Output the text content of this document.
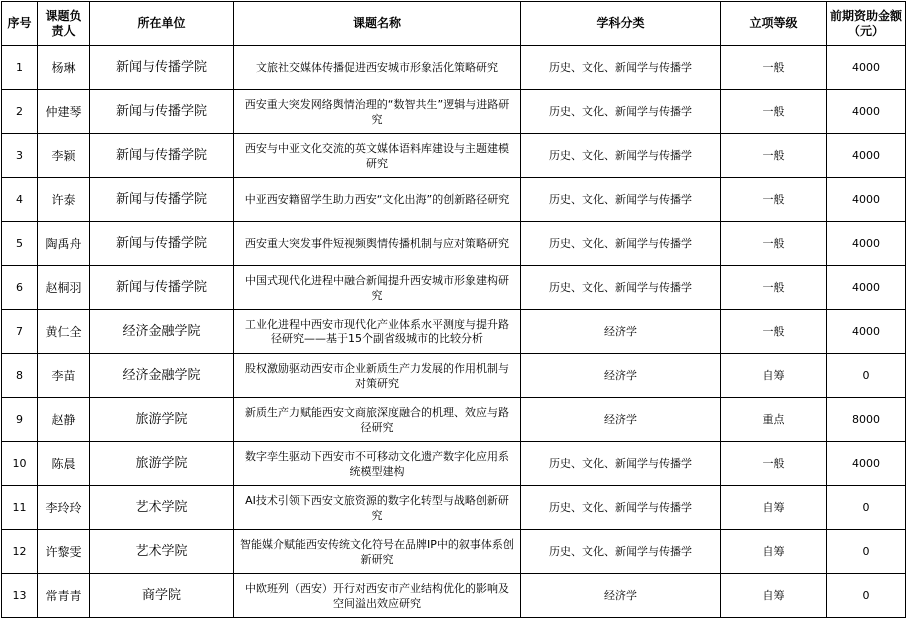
序号	课题负责人	所在单位	课题名称	学科分类	立项等级	前期资助金额（元）
1	杨琳	新闻与传播学院	文旅社交媒体传播促进西安城市形象活化策略研究	历史、文化、新闻学与传播学	一般	4000
2	仲建琴	新闻与传播学院	西安重大突发网络舆情治理的“数智共生”逻辑与进路研究	历史、文化、新闻学与传播学	一般	4000
3	李颖	新闻与传播学院	西安与中亚文化交流的英文媒体语料库建设与主题建模研究	历史、文化、新闻学与传播学	一般	4000
4	许泰	新闻与传播学院	中亚西安籍留学生助力西安“文化出海”的创新路径研究	历史、文化、新闻学与传播学	一般	4000
5	陶禹舟	新闻与传播学院	西安重大突发事件短视频舆情传播机制与应对策略研究	历史、文化、新闻学与传播学	一般	4000
6	赵桐羽	新闻与传播学院	中国式现代化进程中融合新闻提升西安城市形象建构研究	历史、文化、新闻学与传播学	一般	4000
7	黄仁全	经济金融学院	工业化进程中西安市现代化产业体系水平测度与提升路径研究——基于15个副省级城市的比较分析	经济学	一般	4000
8	李苗	经济金融学院	股权激励驱动西安市企业新质生产力发展的作用机制与对策研究	经济学	自筹	0
9	赵静	旅游学院	新质生产力赋能西安文商旅深度融合的机理、效应与路径研究	经济学	重点	8000
10	陈晨	旅游学院	数字孪生驱动下西安市不可移动文化遗产数字化应用系统模型建构	历史、文化、新闻学与传播学	一般	4000
11	李玲玲	艺术学院	AI技术引领下西安文旅资源的数字化转型与战略创新研究	历史、文化、新闻学与传播学	自筹	0
12	许黎雯	艺术学院	智能媒介赋能西安传统文化符号在品牌IP中的叙事体系创新研究	历史、文化、新闻学与传播学	自筹	0
13	常青青	商学院	中欧班列（西安）开行对西安市产业结构优化的影响及空间溢出效应研究	经济学	自筹	0
